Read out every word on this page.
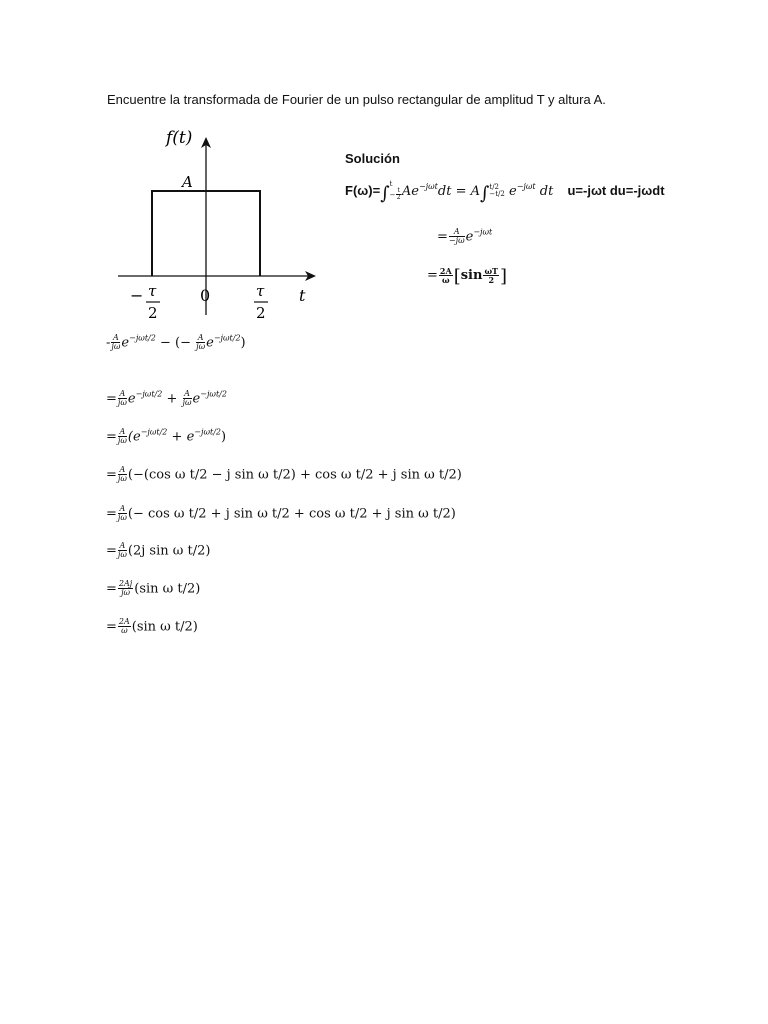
Encuentre la transformada de Fourier de un pulso rectangular de amplitud T y altura A.
f(t)
A
t
0
− τ
2
τ
2
Solución
F(ω)=∫ t
− $\frac{t}{2} Ae^{-j\omega t}dt = A\int$ t/2
−t/2 $e^{-j\omega t}$ dt u=-jωt du=-jωdt
= $\frac{A}{-j\omega} e^{-j\omega t}$
= $\frac{2A}{\omega} [\sin \frac{\omega T}{2}$ ]
- $\frac{A}{j\omega} e^{-j\omega t/2}$ − (− $\frac{A}{j\omega} e^{-j\omega t/2}$)
= $\frac{A}{j\omega} e^{-j\omega t/2} + \frac{A}{j\omega} e^{-j\omega t/2}$
= $\frac{A}{j\omega} (e^{-j\omega t/2} + e^{-j\omega t/2})$
= $\frac{A}{j\omega} (-(\cos$ ω t/2 − j sin ω t/2) + cos ω t/2 + j sin ω t/2)
= $\frac{A}{j\omega}$ (− cos ω t/2 + j sin ω t/2 + cos ω t/2 + j sin ω t/2)
= $\frac{A}{j\omega} (2j$ sin ω t/2)
= $\frac{2Aj}{j\omega} (\sin$ ω t/2)
= $\frac{2A}{\omega} (\sin$ ω t/2)
